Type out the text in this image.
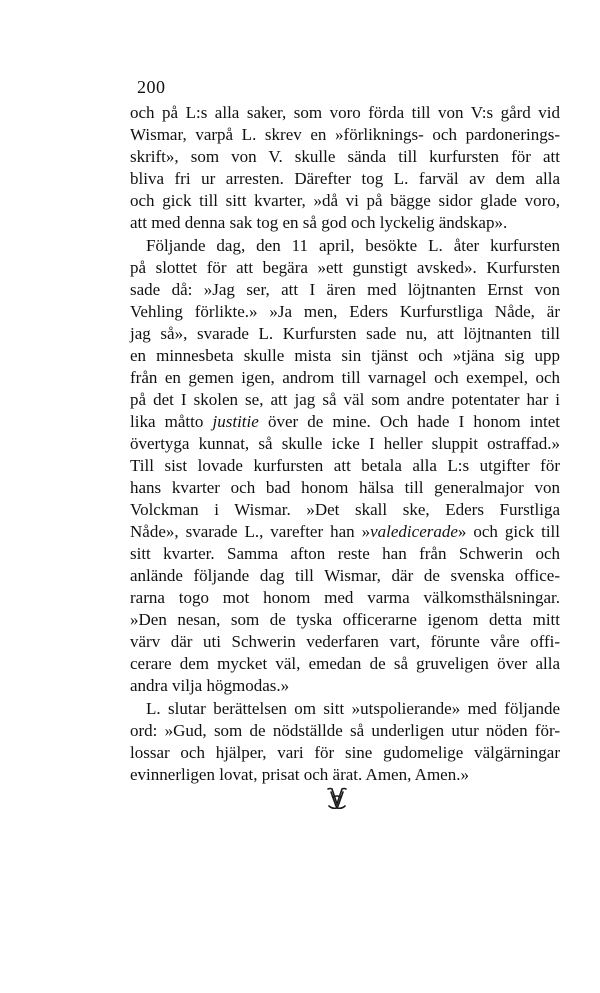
200
och på L:s alla saker, som voro förda till von V:s gård vid
Wismar, varpå L. skrev en »förliknings- och pardonerings-
skrift», som von V. skulle sända till kurfursten för att
bliva fri ur arresten. Därefter tog L. farväl av dem alla
och gick till sitt kvarter, »då vi på bägge sidor glade voro,
att med denna sak tog en så god och lyckelig ändskap».
Följande dag, den 11 april, besökte L. åter kurfursten
på slottet för att begära »ett gunstigt avsked». Kurfursten
sade då: »Jag ser, att I ären med löjtnanten Ernst von
Vehling förlikte.» »Ja men, Eders Kurfurstliga Nåde, är
jag så», svarade L. Kurfursten sade nu, att löjtnanten till
en minnesbeta skulle mista sin tjänst och »tjäna sig upp
från en gemen igen, androm till varnagel och exempel, och
på det I skolen se, att jag så väl som andre potentater har i
lika måtto justitie över de mine. Och hade I honom intet
övertyga kunnat, så skulle icke I heller sluppit ostraffad.»
Till sist lovade kurfursten att betala alla L:s utgifter för
hans kvarter och bad honom hälsa till generalmajor von
Volckman i Wismar. »Det skall ske, Eders Furstliga
Nåde», svarade L., varefter han »valedicerade» och gick till
sitt kvarter. Samma afton reste han från Schwerin och
anlände följande dag till Wismar, där de svenska office-
rarna togo mot honom med varma välkomsthälsningar.
»Den nesan, som de tyska officerarne igenom detta mitt
värv där uti Schwerin vederfaren vart, förunte våre offi-
cerare dem mycket väl, emedan de så gruveligen över alla
andra vilja högmodas.»
L. slutar berättelsen om sitt »utspolierande» med följande
ord: »Gud, som de nödställde så underligen utur nöden för-
lossar och hjälper, vari för sine gudomelige välgärningar
evinnerligen lovat, prisat och ärat. Amen, Amen.»
